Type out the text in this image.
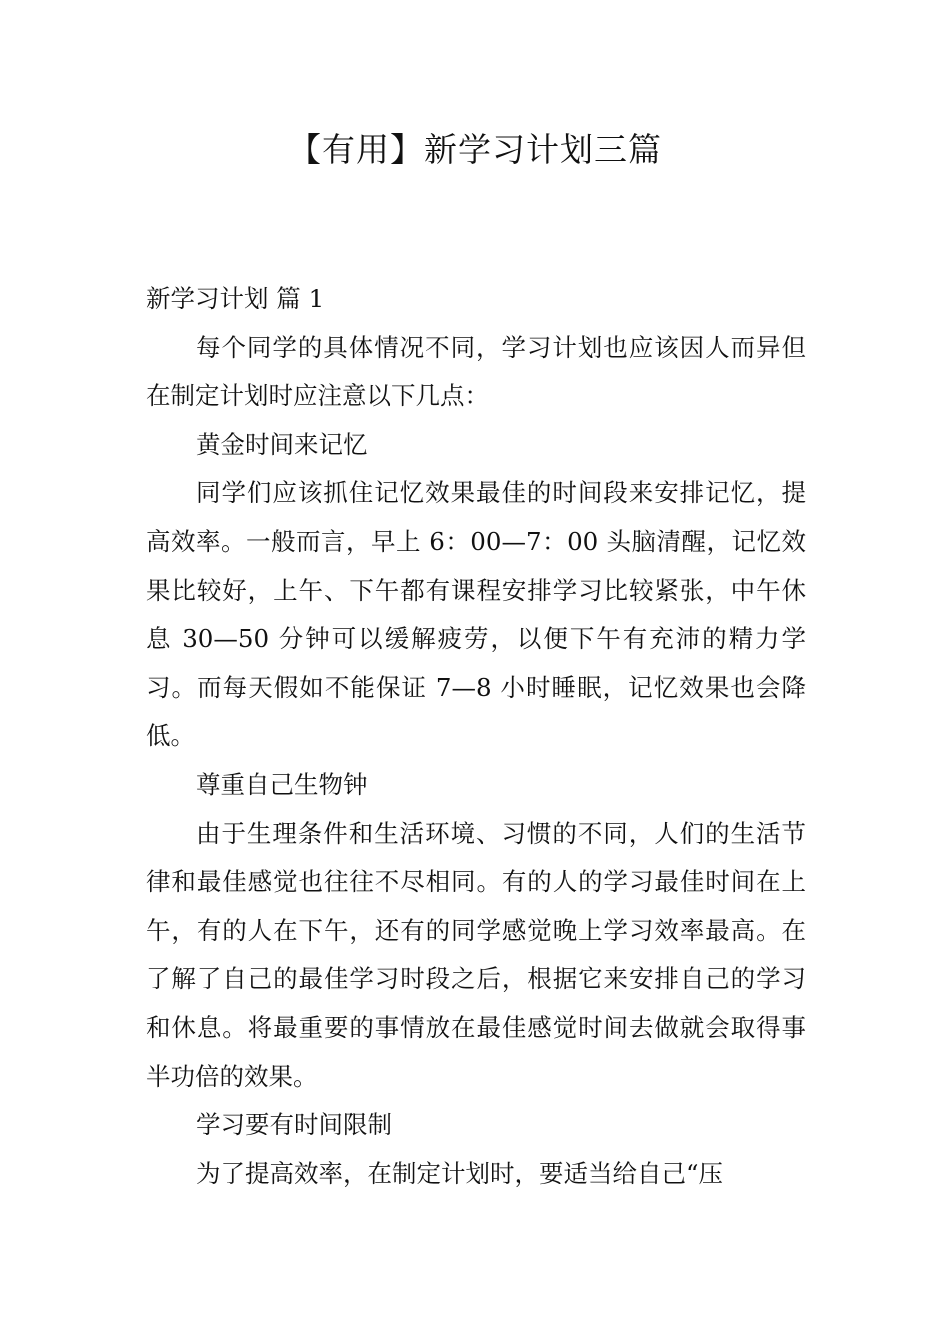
【有用】新学习计划三篇

新学习计划 篇 1

每个同学的具体情况不同，学习计划也应该因人而异但在制定计划时应注意以下几点：

黄金时间来记忆

同学们应该抓住记忆效果最佳的时间段来安排记忆，提高效率。一般而言，早上 6：00—7：00 头脑清醒，记忆效果比较好，上午、下午都有课程安排学习比较紧张，中午休息 30—50 分钟可以缓解疲劳，以便下午有充沛的精力学习。而每天假如不能保证 7—8 小时睡眠，记忆效果也会降低。

尊重自己生物钟

由于生理条件和生活环境、习惯的不同，人们的生活节律和最佳感觉也往往不尽相同。有的人的学习最佳时间在上午，有的人在下午，还有的同学感觉晚上学习效率最高。在了解了自己的最佳学习时段之后，根据它来安排自己的学习和休息。将最重要的事情放在最佳感觉时间去做就会取得事半功倍的效果。

学习要有时间限制

为了提高效率，在制定计划时，要适当给自己“压
